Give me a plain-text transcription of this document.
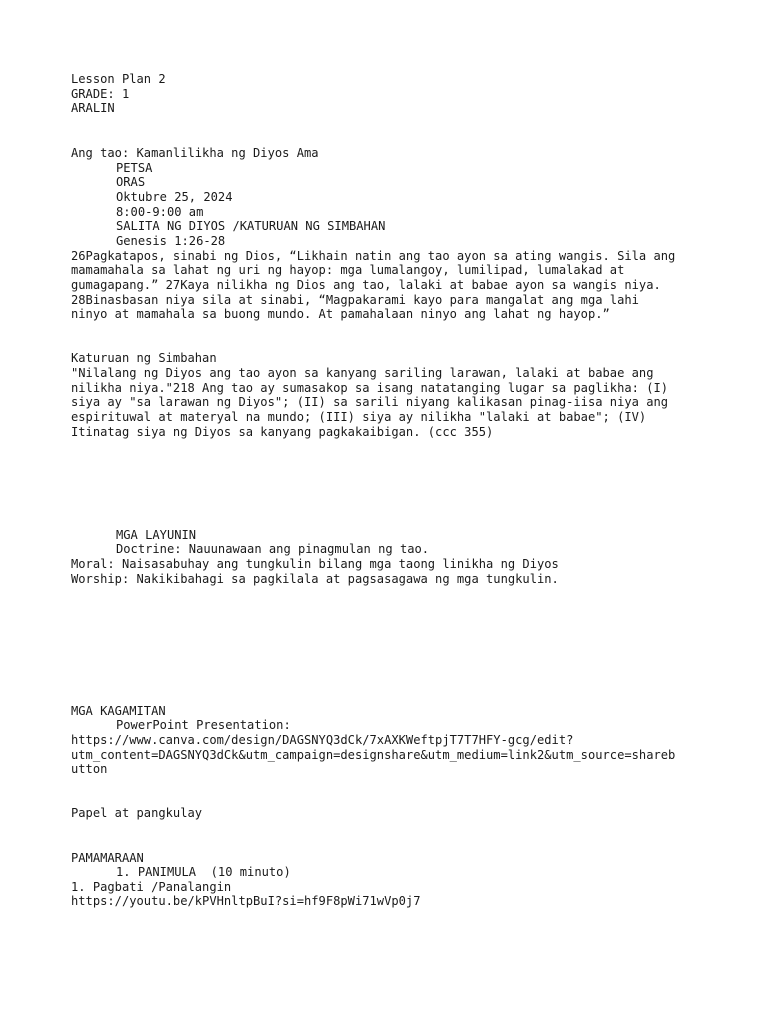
Lesson Plan 2
GRADE: 1
ARALIN
Ang tao: Kamanlilikha ng Diyos Ama
PETSA
ORAS
Oktubre 25, 2024
8:00-9:00 am
SALITA NG DIYOS /KATURUAN NG SIMBAHAN
Genesis 1:26-28
26Pagkatapos, sinabi ng Dios, “Likhain natin ang tao ayon sa ating wangis. Sila ang
mamamahala sa lahat ng uri ng hayop: mga lumalangoy, lumilipad, lumalakad at
gumagapang.” 27Kaya nilikha ng Dios ang tao, lalaki at babae ayon sa wangis niya.
28Binasbasan niya sila at sinabi, “Magpakarami kayo para mangalat ang mga lahi
ninyo at mamahala sa buong mundo. At pamahalaan ninyo ang lahat ng hayop.”
Katuruan ng Simbahan
"Nilalang ng Diyos ang tao ayon sa kanyang sariling larawan, lalaki at babae ang
nilikha niya."218 Ang tao ay sumasakop sa isang natatanging lugar sa paglikha: (I)
siya ay "sa larawan ng Diyos"; (II) sa sarili niyang kalikasan pinag-iisa niya ang
espirituwal at materyal na mundo; (III) siya ay nilikha "lalaki at babae"; (IV)
Itinatag siya ng Diyos sa kanyang pagkakaibigan. (ccc 355)
MGA LAYUNIN
Doctrine: Nauunawaan ang pinagmulan ng tao.
Moral: Naisasabuhay ang tungkulin bilang mga taong linikha ng Diyos
Worship: Nakikibahagi sa pagkilala at pagsasagawa ng mga tungkulin.
MGA KAGAMITAN
PowerPoint Presentation:
https://www.canva.com/design/DAGSNYQ3dCk/7xAXKWeftpjT7T7HFY-gcg/edit?
utm_content=DAGSNYQ3dCk&utm_campaign=designshare&utm_medium=link2&utm_source=shareb
utton
Papel at pangkulay
PAMAMARAAN
1. PANIMULA  (10 minuto)
1. Pagbati /Panalangin
https://youtu.be/kPVHnltpBuI?si=hf9F8pWi71wVp0j7
